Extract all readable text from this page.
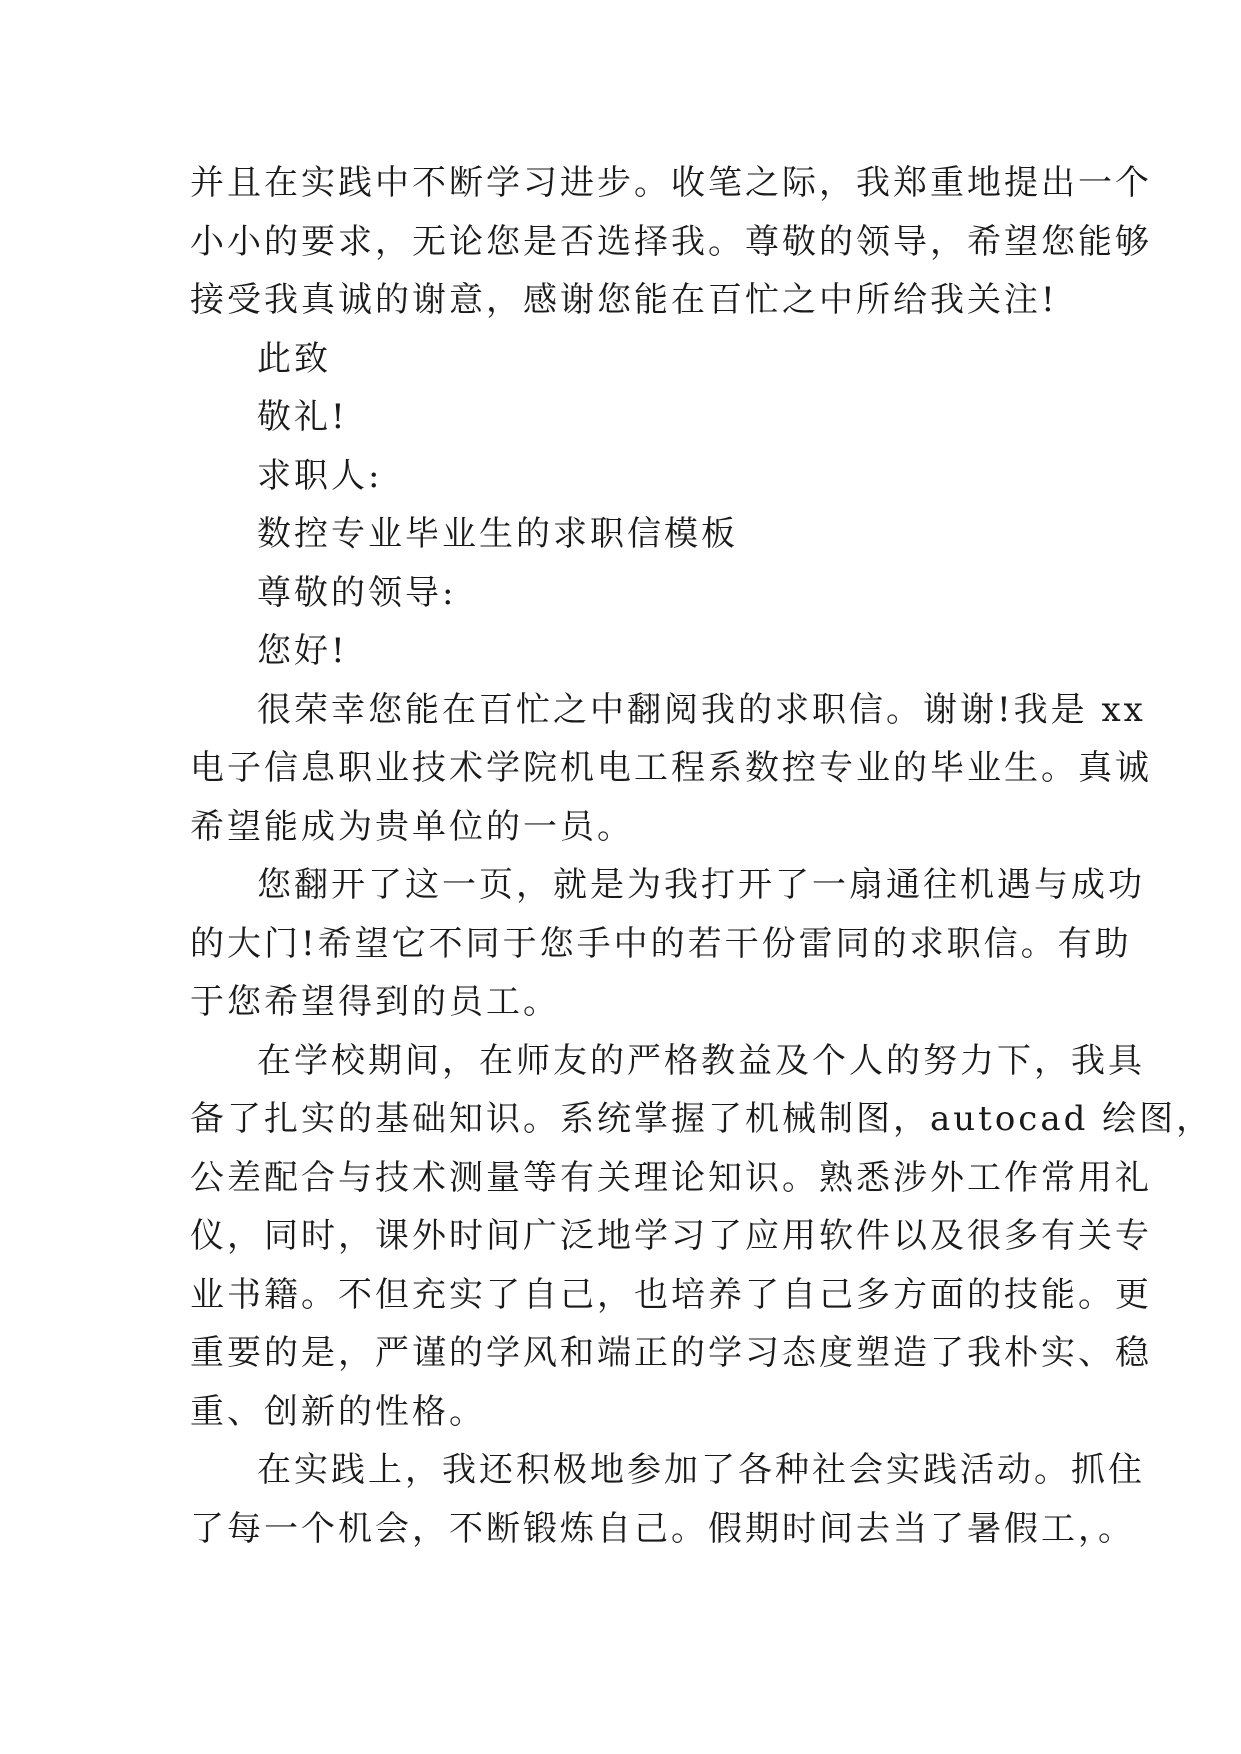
并且在实践中不断学习进步。收笔之际，我郑重地提出一个
小小的要求，无论您是否选择我。尊敬的领导，希望您能够
接受我真诚的谢意，感谢您能在百忙之中所给我关注!
此致
敬礼!
求职人:
数控专业毕业生的求职信模板
尊敬的领导:
您好!
很荣幸您能在百忙之中翻阅我的求职信。谢谢!我是 xx
电子信息职业技术学院机电工程系数控专业的毕业生。真诚
希望能成为贵单位的一员。
您翻开了这一页，就是为我打开了一扇通往机遇与成功
的大门!希望它不同于您手中的若干份雷同的求职信。有助
于您希望得到的员工。
在学校期间，在师友的严格教益及个人的努力下，我具
备了扎实的基础知识。系统掌握了机械制图，autocad 绘图，
公差配合与技术测量等有关理论知识。熟悉涉外工作常用礼
仪，同时，课外时间广泛地学习了应用软件以及很多有关专
业书籍。不但充实了自己，也培养了自己多方面的技能。更
重要的是，严谨的学风和端正的学习态度塑造了我朴实、稳
重、创新的性格。
在实践上，我还积极地参加了各种社会实践活动。抓住
了每一个机会，不断锻炼自己。假期时间去当了暑假工，。
